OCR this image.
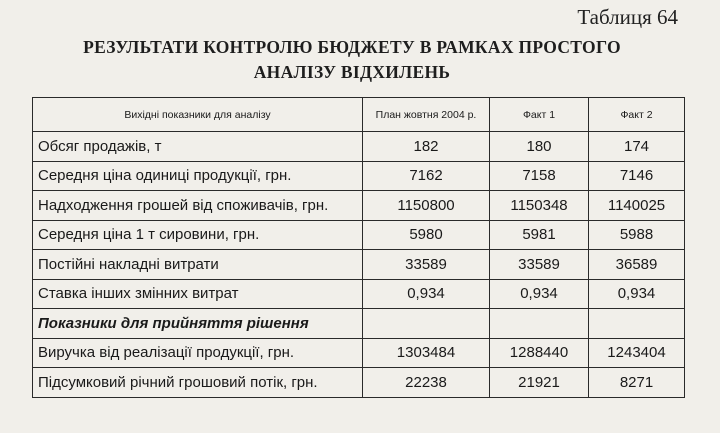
Таблиця 64
РЕЗУЛЬТАТИ КОНТРОЛЮ БЮДЖЕТУ В РАМКАХ ПРОСТОГО
АНАЛІЗУ ВІДХИЛЕНЬ
Вихідні показники для аналізу	План жовтня 2004 р.	Факт 1	Факт 2
Обсяг продажів, т	182	180	174
Середня ціна одиниці продукції, грн.	7162	7158	7146
Надходження грошей від споживачів, грн.	1150800	1150348	1140025
Середня ціна 1 т сировини, грн.	5980	5981	5988
Постійні накладні витрати	33589	33589	36589
Ставка інших змінних витрат	0,934	0,934	0,934
Показники для прийняття рішення			
Виручка від реалізації продукції, грн.	1303484	1288440	1243404
Підсумковий річний грошовий потік, грн.	22238	21921	8271
